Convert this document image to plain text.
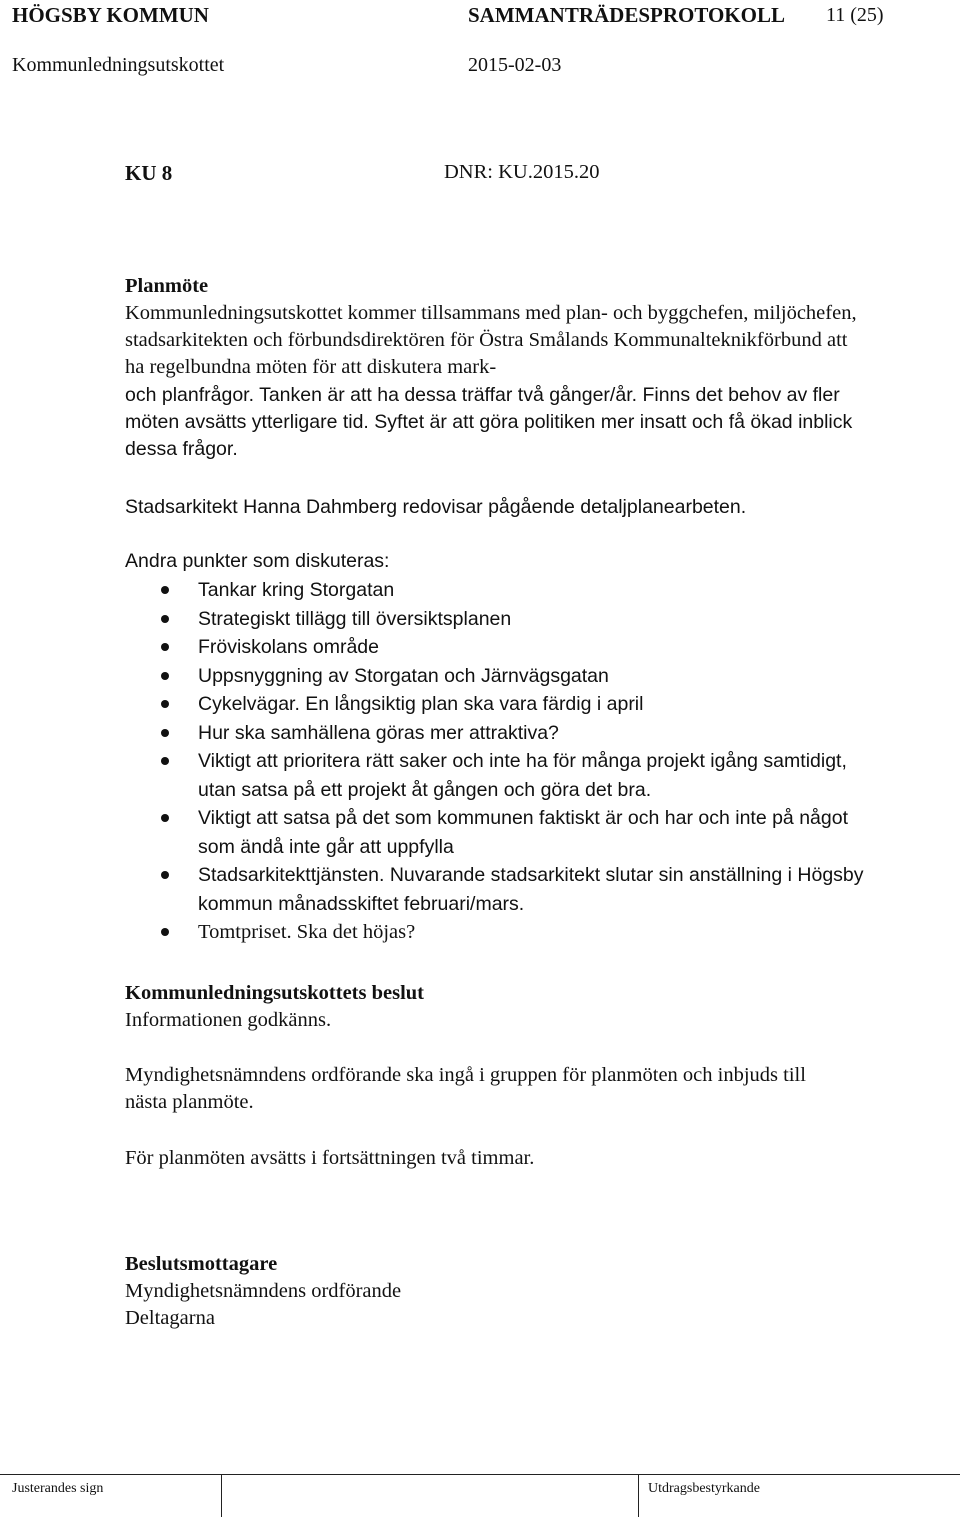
HÖGSBY KOMMUN	SAMMANTRÄDESPROTOKOLL 11 (25)
Kommunledningsutskottet	2015-02-03
KU 8	DNR: KU.2015.20

Planmöte

Kommunledningsutskottet kommer tillsammans med plan- och byggchefen, miljöchefen, stadsarkitekten och förbundsdirektören för Östra Smålands Kommunalteknikförbund att ha regelbundna möten för att diskutera mark-

och planfrågor. Tanken är att ha dessa träffar två gånger/år. Finns det behov av fler möten avsätts ytterligare tid. Syftet är att göra politiken mer insatt och få ökad inblick dessa frågor.
Stadsarkitekt Hanna Dahmberg redovisar pågående detaljplanearbeten.
Andra punkter som diskuteras:
Tankar kring Storgatan
Strategiskt tillägg till översiktsplanen
Fröviskolans område
Uppsnyggning av Storgatan och Järnvägsgatan
Cykelvägar. En långsiktig plan ska vara färdig i april
Hur ska samhällena göras mer attraktiva?
Viktigt att prioritera rätt saker och inte ha för många projekt igång samtidigt, utan satsa på ett projekt åt gången och göra det bra.
Viktigt att satsa på det som kommunen faktiskt är och har och inte på något som ändå inte går att uppfylla
Stadsarkitekttjänsten. Nuvarande stadsarkitekt slutar sin anställning i Högsby kommun månadsskiftet februari/mars.
Tomtpriset. Ska det höjas?

Kommunledningsutskottets beslut

Informationen godkänns.

Myndighetsnämndens ordförande ska ingå i gruppen för planmöten och inbjuds till nästa planmöte.
För planmöten avsätts i fortsättningen två timmar.

Beslutsmottagare

Myndighetsnämndens ordförande

Deltagarna

Justerandes sign	Utdragsbestyrkande
